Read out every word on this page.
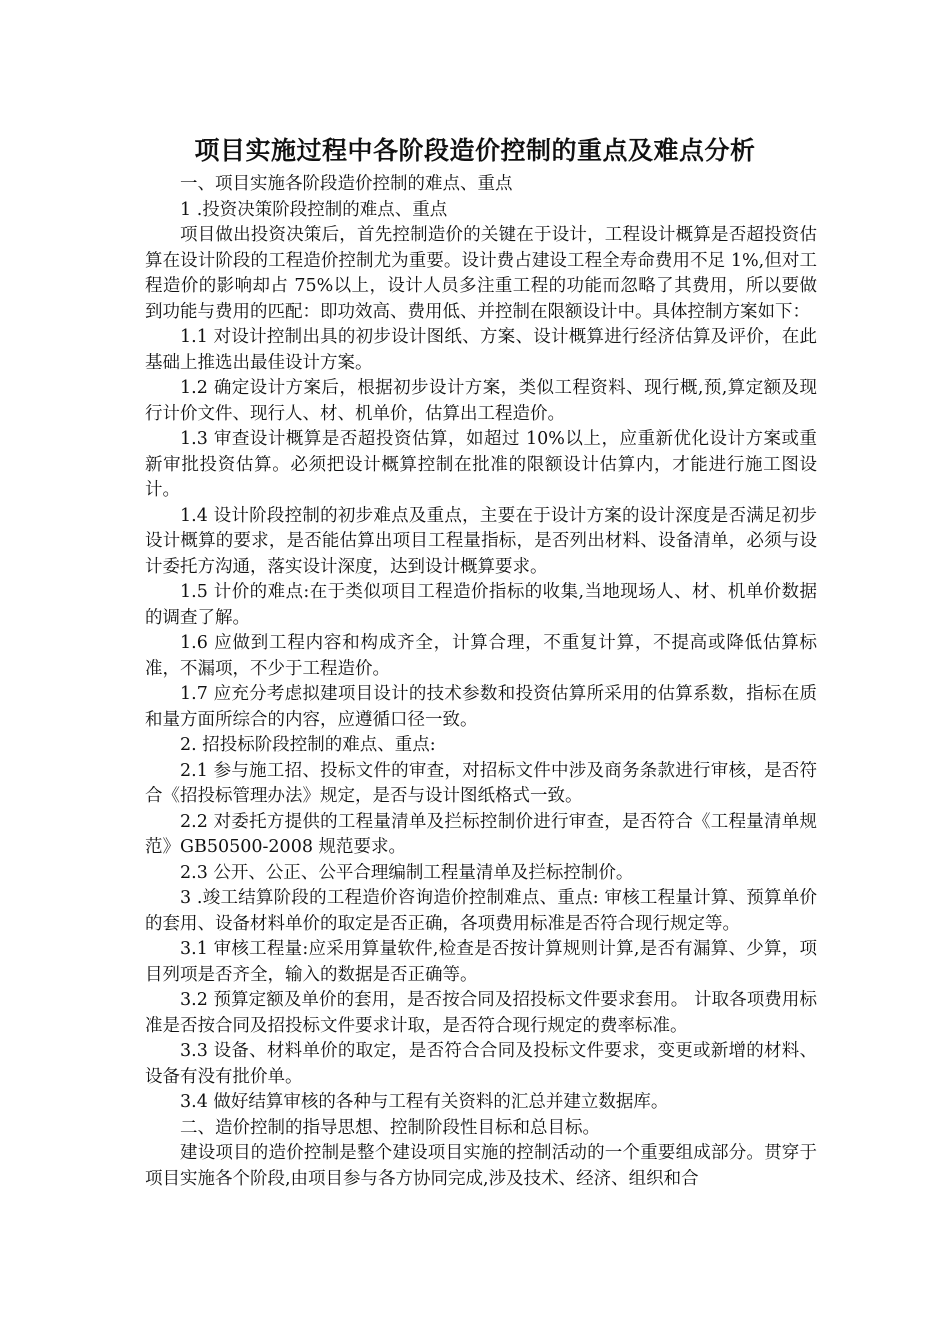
项目实施过程中各阶段造价控制的重点及难点分析

一、项目实施各阶段造价控制的难点、重点

1 .投资决策阶段控制的难点、重点

项目做出投资决策后，首先控制造价的关键在于设计，工程设计概算是否超投资估算在设计阶段的工程造价控制尤为重要。设计费占建设工程全寿命费用不足 1%,但对工程造价的影响却占 75%以上，设计人员多注重工程的功能而忽略了其费用，所以要做到功能与费用的匹配：即功效高、费用低、并控制在限额设计中。具体控制方案如下：

1.1 对设计控制出具的初步设计图纸、方案、设计概算进行经济估算及评价，在此基础上推选出最佳设计方案。

1.2 确定设计方案后，根据初步设计方案，类似工程资料、现行概,预,算定额及现行计价文件、现行人、材、机单价，估算出工程造价。

1.3 审查设计概算是否超投资估算，如超过 10%以上，应重新优化设计方案或重新审批投资估算。必须把设计概算控制在批准的限额设计估算内，才能进行施工图设计。

1.4 设计阶段控制的初步难点及重点，主要在于设计方案的设计深度是否满足初步设计概算的要求，是否能估算出项目工程量指标，是否列出材料、设备清单，必须与设计委托方沟通，落实设计深度，达到设计概算要求。

1.5 计价的难点:在于类似项目工程造价指标的收集,当地现场人、材、机单价数据的调查了解。

1.6 应做到工程内容和构成齐全，计算合理，不重复计算，不提高或降低估算标准，不漏项，不少于工程造价。

1.7 应充分考虑拟建项目设计的技术参数和投资估算所采用的估算系数，指标在质和量方面所综合的内容，应遵循口径一致。

2. 招投标阶段控制的难点、重点:

2.1 参与施工招、投标文件的审查，对招标文件中涉及商务条款进行审核，是否符合《招投标管理办法》规定，是否与设计图纸格式一致。

2.2 对委托方提供的工程量清单及拦标控制价进行审查，是否符合《工程量清单规范》GB50500-2008 规范要求。

2.3 公开、公正、公平合理编制工程量清单及拦标控制价。

3 .竣工结算阶段的工程造价咨询造价控制难点、重点: 审核工程量计算、预算单价的套用、设备材料单价的取定是否正确，各项费用标准是否符合现行规定等。

3.1 审核工程量:应采用算量软件,检查是否按计算规则计算,是否有漏算、少算，项目列项是否齐全，输入的数据是否正确等。

3.2 预算定额及单价的套用，是否按合同及招投标文件要求套用。 计取各项费用标准是否按合同及招投标文件要求计取，是否符合现行规定的费率标准。

3.3 设备、材料单价的取定，是否符合合同及投标文件要求，变更或新增的材料、设备有没有批价单。

3.4 做好结算审核的各种与工程有关资料的汇总并建立数据库。

二、造价控制的指导思想、控制阶段性目标和总目标。

建设项目的造价控制是整个建设项目实施的控制活动的一个重要组成部分。贯穿于项目实施各个阶段,由项目参与各方协同完成,涉及技术、经济、组织和合
